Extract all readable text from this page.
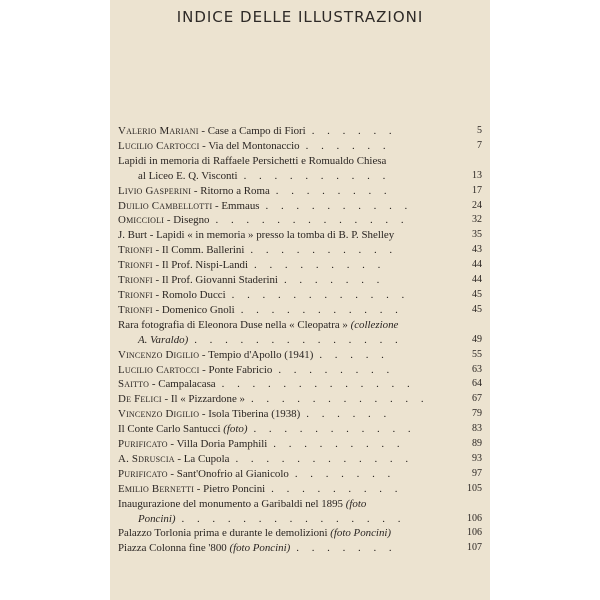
INDICE DELLE ILLUSTRAZIONI
Valerio Mariani - Case a Campo di Fiori . . . . . .	5
Lucilio Cartocci - Via del Montonaccio . . . . . .	7
Lapidi in memoria di Raffaele Persichetti e Romualdo Chiesa
al Liceo E. Q. Visconti . . . . . . . . . .	13
Livio Gasperini - Ritorno a Roma . . . . . . . .	17
Duilio Cambellotti - Emmaus . . . . . . . . . .	24
Omiccioli - Disegno . . . . . . . . . . . . .	32
J. Burt - Lapidi « in memoria » presso la tomba di B. P. Shelley	35
Trionfi - Il Comm. Ballerini . . . . . . . . . .	43
Trionfi - Il Prof. Nispi-Landi . . . . . . . . .	44
Trionfi - Il Prof. Giovanni Staderini . . . . . . .	44
Trionfi - Romolo Ducci . . . . . . . . . . . .	45
Trionfi - Domenico Gnoli . . . . . . . . . . .	45
Rara fotografia di Eleonora Duse nella « Cleopatra » (collezione
A. Varaldo) . . . . . . . . . . . . . .	49
Vincenzo Digilio - Tempio d'Apollo (1941) . . . . .	55
Lucilio Cartocci - Ponte Fabricio . . . . . . . .	63
Saitto - Campalacasa . . . . . . . . . . . . .	64
De Felici - Il « Pizzardone » . . . . . . . . . . . .	67
Vincenzo Digilio - Isola Tiberina (1938) . . . . . .	79
Il Conte Carlo Santucci (foto) . . . . . . . . . . .	83
Purificato - Villa Doria Pamphili . . . . . . . . .	89
A. Sdruscia - La Cupola . . . . . . . . . . . .	93
Purificato - Sant'Onofrio al Gianicolo . . . . . . .	97
Emilio Bernetti - Pietro Poncini . . . . . . . . .	105
Inaugurazione del monumento a Garibaldi nel 1895 (foto
Poncini) . . . . . . . . . . . . . . .	106
Palazzo Torlonia prima e durante le demolizioni (foto Poncini)	106
Piazza Colonna fine '800 (foto Poncini) . . . . . . .	107
